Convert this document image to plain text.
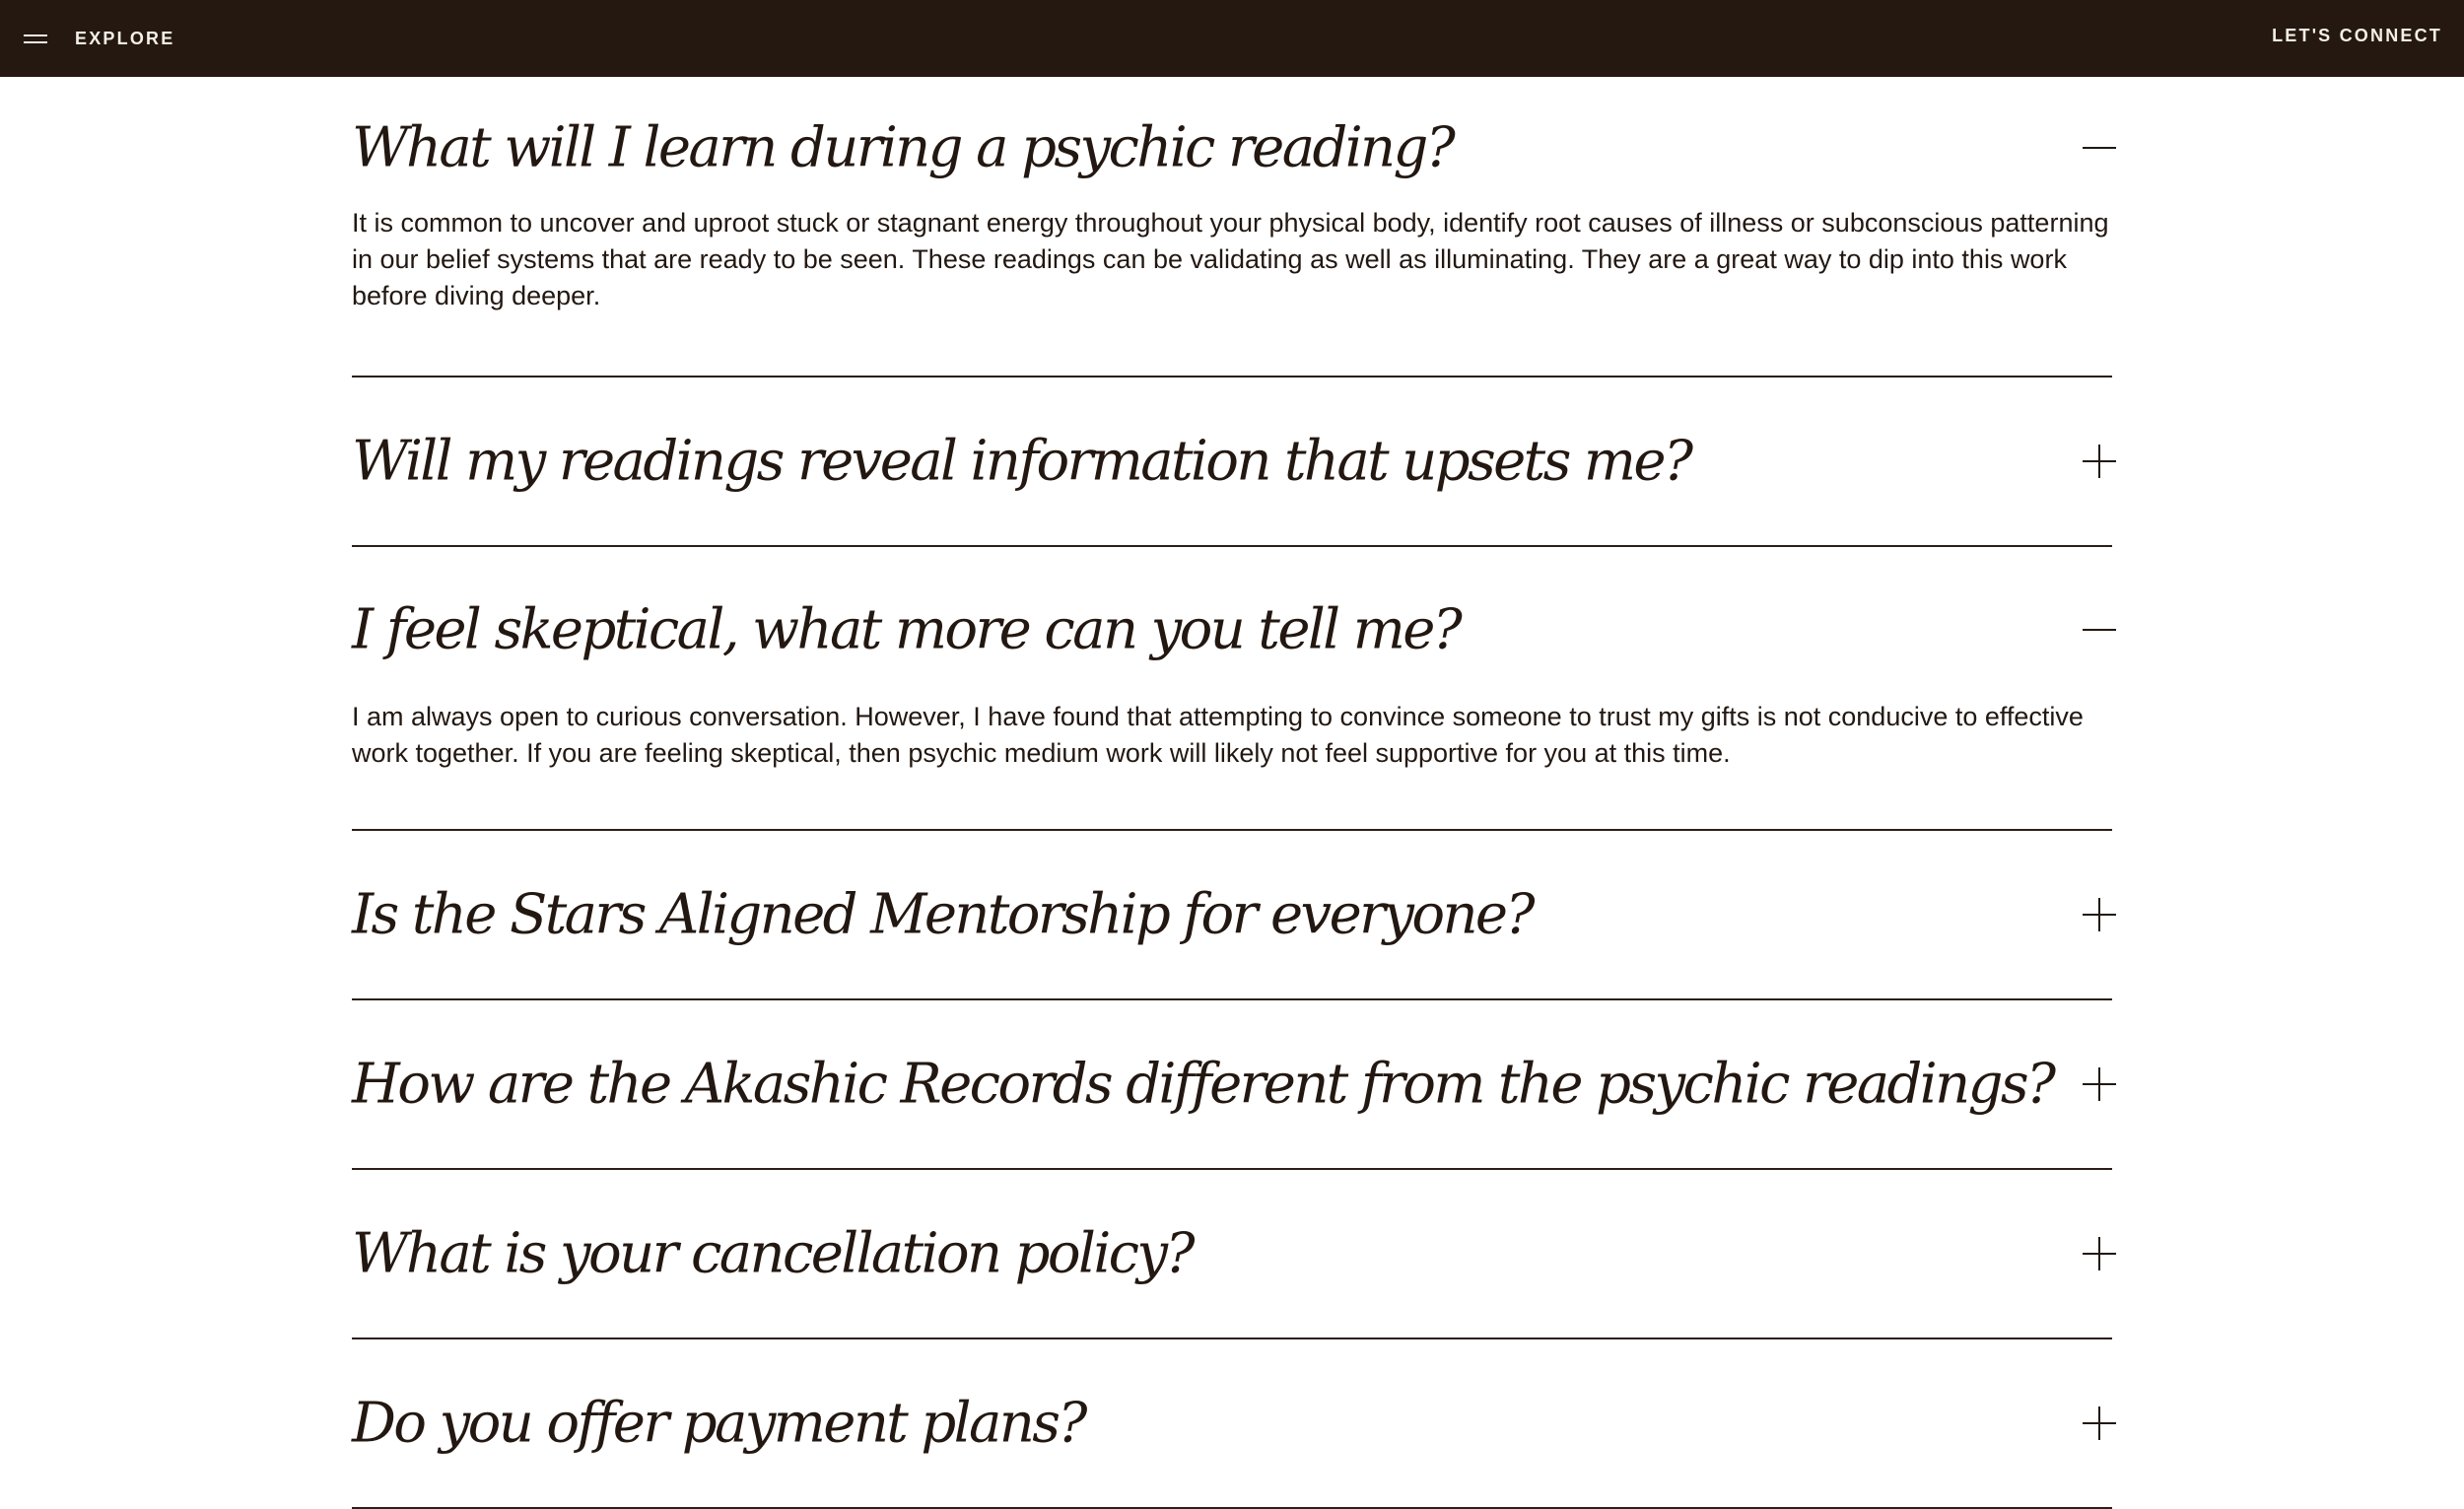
EXPLORE	LET'S CONNECT
What will I learn during a psychic reading?
It is common to uncover and uproot stuck or stagnant energy throughout your physical body, identify root causes of illness or subconscious patterning in our belief systems that are ready to be seen. These readings can be validating as well as illuminating. They are a great way to dip into this work before diving deeper.
Will my readings reveal information that upsets me?
I feel skeptical, what more can you tell me?
I am always open to curious conversation. However, I have found that attempting to convince someone to trust my gifts is not conducive to effective work together. If you are feeling skeptical, then psychic medium work will likely not feel supportive for you at this time.
Is the Stars Aligned Mentorship for everyone?
How are the Akashic Records different from the psychic readings?
What is your cancellation policy?
Do you offer payment plans?
